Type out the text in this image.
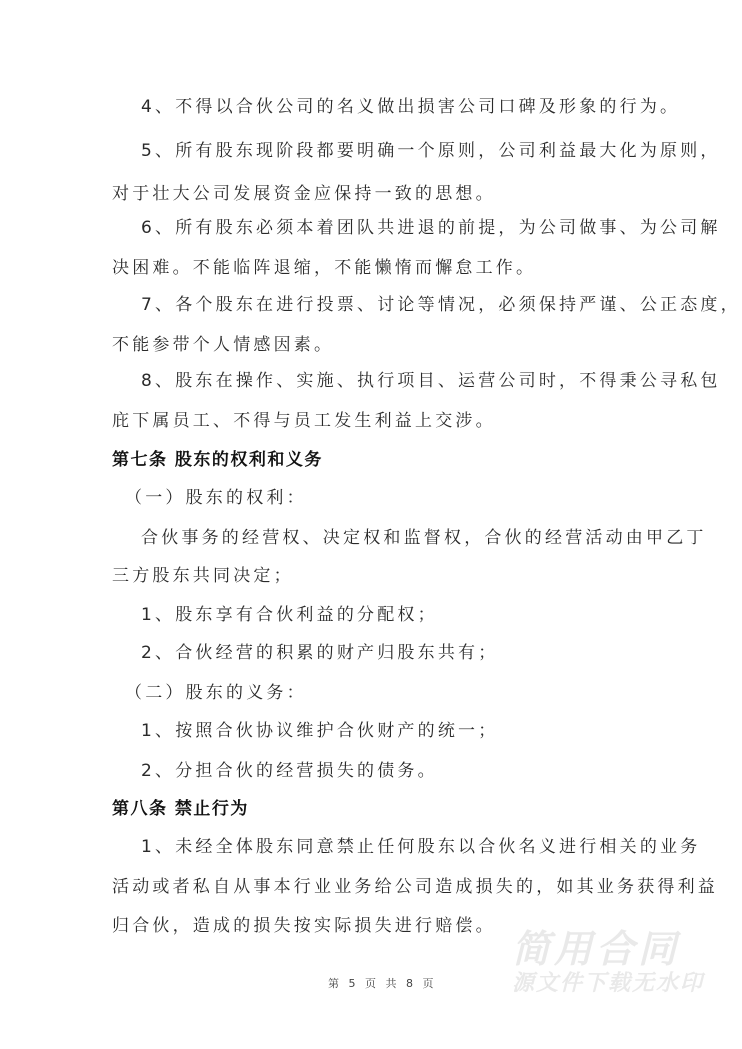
4、不得以合伙公司的名义做出损害公司口碑及形象的行为。
5、所有股东现阶段都要明确一个原则，公司利益最大化为原则，
对于壮大公司发展资金应保持一致的思想。
6、所有股东必须本着团队共进退的前提，为公司做事、为公司解
决困难。不能临阵退缩，不能懒惰而懈怠工作。
7、各个股东在进行投票、讨论等情况，必须保持严谨、公正态度，
不能参带个人情感因素。
8、股东在操作、实施、执行项目、运营公司时，不得秉公寻私包
庇下属员工、不得与员工发生利益上交涉。
第七条 股东的权利和义务
（一）股东的权利：
合伙事务的经营权、决定权和监督权，合伙的经营活动由甲乙丁
三方股东共同决定；
1、股东享有合伙利益的分配权；
2、合伙经营的积累的财产归股东共有；
（二）股东的义务：
1、按照合伙协议维护合伙财产的统一；
2、分担合伙的经营损失的债务。
第八条 禁止行为
1、未经全体股东同意禁止任何股东以合伙名义进行相关的业务
活动或者私自从事本行业业务给公司造成损失的，如其业务获得利益
归合伙，造成的损失按实际损失进行赔偿。
简用合同
源文件下载无水印
第 5 页 共 8 页
